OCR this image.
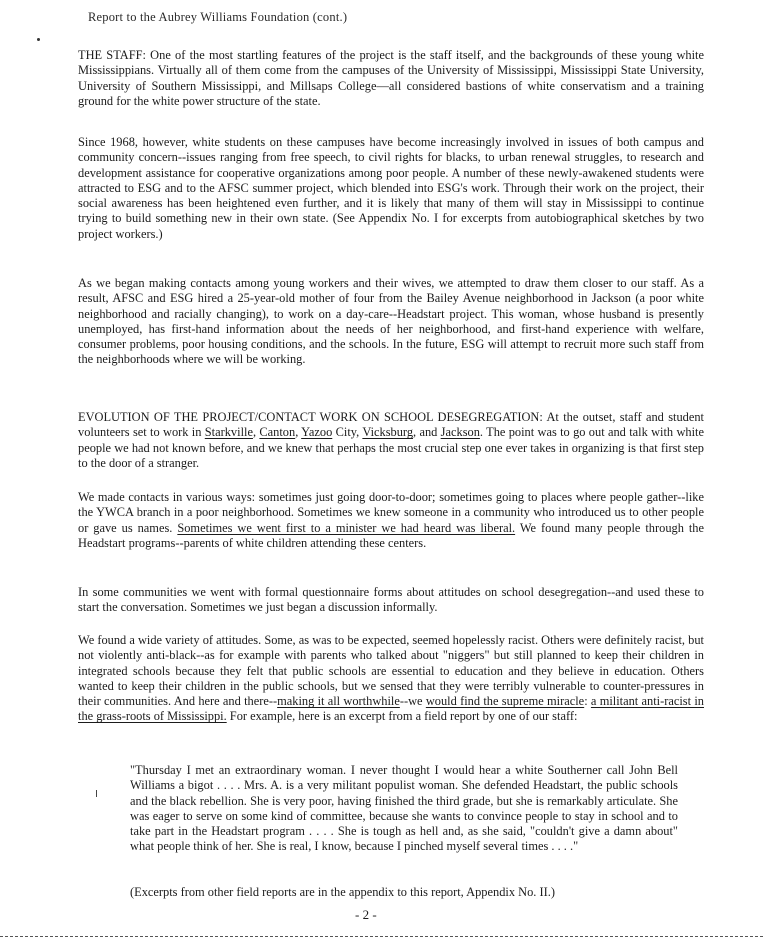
Report to the Aubrey Williams Foundation (cont.)

THE STAFF: One of the most startling features of the project is the staff itself, and the backgrounds of these young white Mississippians. Virtually all of them come from the campuses of the University of Mississippi, Mississippi State University, University of Southern Mississippi, and Millsaps College—all considered bastions of white conservatism and a training ground for the white power structure of the state.

Since 1968, however, white students on these campuses have become increasingly involved in issues of both campus and community concern--issues ranging from free speech, to civil rights for blacks, to urban renewal struggles, to research and development assistance for cooperative organizations among poor people. A number of these newly-awakened students were attracted to ESG and to the AFSC summer project, which blended into ESG's work. Through their work on the project, their social awareness has been heightened even further, and it is likely that many of them will stay in Mississippi to continue trying to build something new in their own state. (See Appendix No. I for excerpts from autobiographical sketches by two project workers.)

As we began making contacts among young workers and their wives, we attempted to draw them closer to our staff. As a result, AFSC and ESG hired a 25-year-old mother of four from the Bailey Avenue neighborhood in Jackson (a poor white neighborhood and racially changing), to work on a day-care--Headstart project. This woman, whose husband is presently unemployed, has first-hand information about the needs of her neighborhood, and first-hand experience with welfare, consumer problems, poor housing conditions, and the schools. In the future, ESG will attempt to recruit more such staff from the neighborhoods where we will be working.

EVOLUTION OF THE PROJECT/CONTACT WORK ON SCHOOL DESEGREGATION: At the outset, staff and student volunteers set to work in Starkville, Canton, Yazoo City, Vicksburg, and Jackson. The point was to go out and talk with white people we had not known before, and we knew that perhaps the most crucial step one ever takes in organizing is that first step to the door of a stranger.

We made contacts in various ways: sometimes just going door-to-door; sometimes going to places where people gather--like the YWCA branch in a poor neighborhood. Sometimes we knew someone in a community who introduced us to other people or gave us names. Sometimes we went first to a minister we had heard was liberal. We found many people through the Headstart programs--parents of white children attending these centers.

In some communities we went with formal questionnaire forms about attitudes on school desegregation--and used these to start the conversation. Sometimes we just began a discussion informally.

We found a wide variety of attitudes. Some, as was to be expected, seemed hopelessly racist. Others were definitely racist, but not violently anti-black--as for example with parents who talked about "niggers" but still planned to keep their children in integrated schools because they felt that public schools are essential to education and they believe in education. Others wanted to keep their children in the public schools, but we sensed that they were terribly vulnerable to counter-pressures in their communities. And here and there--making it all worthwhile--we would find the supreme miracle: a militant anti-racist in the grass-roots of Mississippi. For example, here is an excerpt from a field report by one of our staff:

"Thursday I met an extraordinary woman. I never thought I would hear a white Southerner call John Bell Williams a bigot . . . . Mrs. A. is a very militant populist woman. She defended Headstart, the public schools and the black rebellion. She is very poor, having finished the third grade, but she is remarkably articulate. She was eager to serve on some kind of committee, because she wants to convince people to stay in school and to take part in the Headstart program . . . . She is tough as hell and, as she said, "couldn't give a damn about" what people think of her. She is real, I know, because I pinched myself several times . . . ."

(Excerpts from other field reports are in the appendix to this report, Appendix No. II.)

- 2 -
